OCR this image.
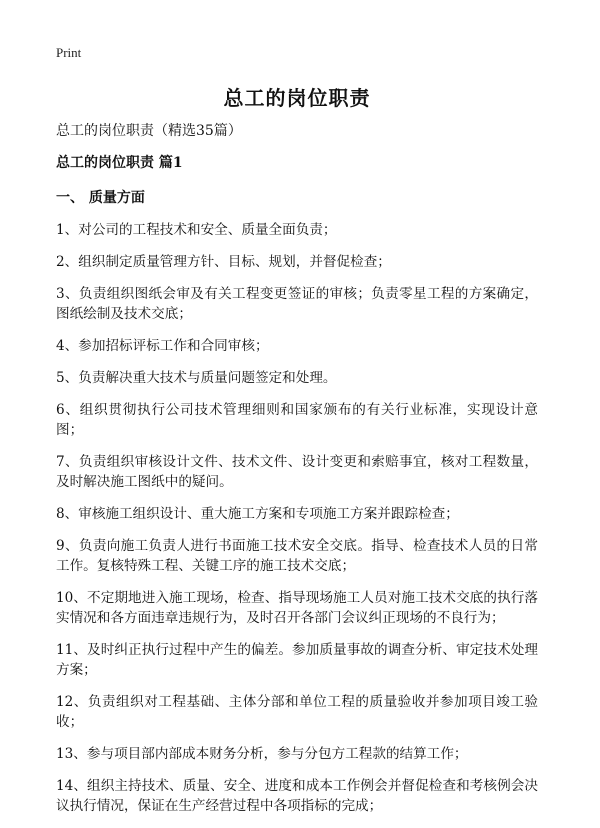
Print
总工的岗位职责

总工的岗位职责（精选35篇）

总工的岗位职责 篇1

一、 质量方面

1、对公司的工程技术和安全、质量全面负责；
2、组织制定质量管理方针、目标、规划，并督促检查；
3、负责组织图纸会审及有关工程变更签证的审核；负责零星工程的方案确定，图纸绘制及技术交底；
4、参加招标评标工作和合同审核；
5、负责解决重大技术与质量问题签定和处理。
6、组织贯彻执行公司技术管理细则和国家颁布的有关行业标准，实现设计意图；
7、负责组织审核设计文件、技术文件、设计变更和索赔事宜，核对工程数量，及时解决施工图纸中的疑问。
8、审核施工组织设计、重大施工方案和专项施工方案并跟踪检查；
9、负责向施工负责人进行书面施工技术安全交底。指导、检查技术人员的日常工作。复核特殊工程、关键工序的施工技术交底；
10、不定期地进入施工现场，检查、指导现场施工人员对施工技术交底的执行落实情况和各方面违章违规行为，及时召开各部门会议纠正现场的不良行为；
11、及时纠正执行过程中产生的偏差。参加质量事故的调查分析、审定技术处理方案；
12、负责组织对工程基础、主体分部和单位工程的质量验收并参加项目竣工验收；
13、参与项目部内部成本财务分析，参与分包方工程款的结算工作；
14、组织主持技术、质量、安全、进度和成本工作例会并督促检查和考核例会决议执行情况，保证在生产经营过程中各项指标的完成；
